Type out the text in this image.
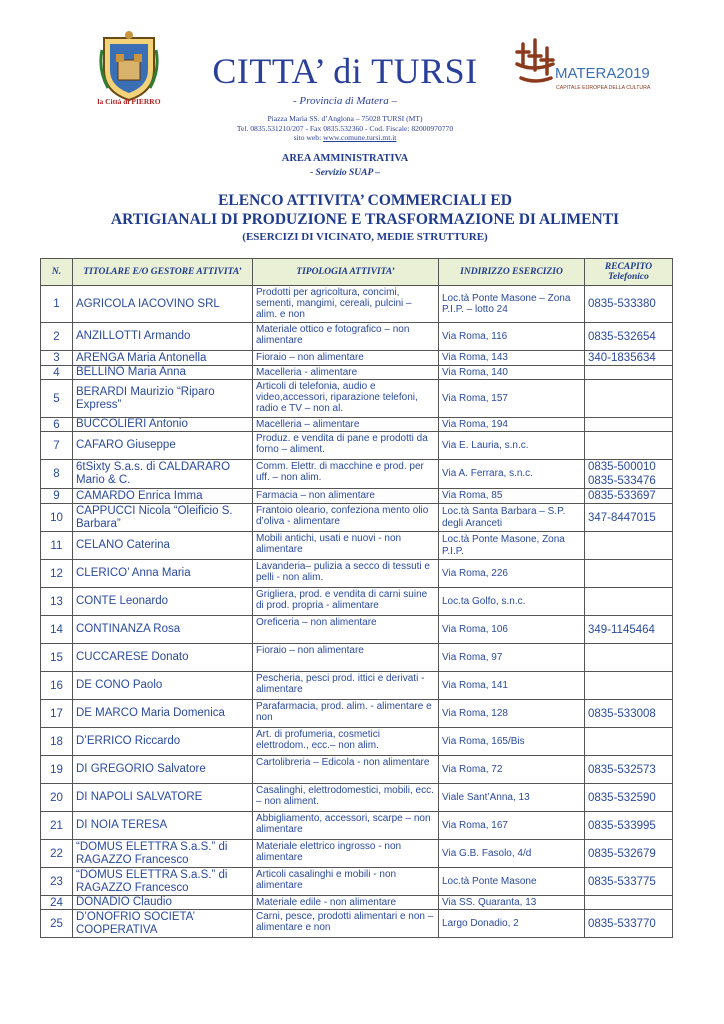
la Città di PIERRO
CITTA’ di TURSI
- Provincia di Matera –
Piazza Maria SS. d’Anglona – 75028 TURSI (MT)
Tel. 0835.531210/207 - Fax 0835.532360 - Cod. Fiscale: 82000970770
sito web: www.comune.tursi.mt.it
MATERA2019
CAPITALE EUROPEA DELLA CULTURA
AREA AMMINISTRATIVA
- Servizio SUAP –
ELENCO ATTIVITA’ COMMERCIALI ED
ARTIGIANALI DI PRODUZIONE E TRASFORMAZIONE DI ALIMENTI
(ESERCIZI DI VICINATO, MEDIE STRUTTURE)
N.	TITOLARE E/O GESTORE ATTIVITA’	TIPOLOGIA ATTIVITA’	INDIRIZZO ESERCIZIO	RECAPITO Telefonico
1	AGRICOLA IACOVINO SRL	Prodotti per agricoltura, concimi, sementi, mangimi, cereali, pulcini – alim. e non	Loc.tà Ponte Masone – Zona P.I.P. – lotto 24	0835-533380
2	ANZILLOTTI Armando	Materiale ottico e fotografico – non alimentare	Via Roma, 116	0835-532654
3	ARENGA Maria Antonella	Fioraio – non alimentare	Via Roma, 143	340-1835634
4	BELLINO Maria Anna	Macelleria - alimentare	Via Roma, 140	
5	BERARDI Maurizio “Riparo Express”	Articoli di telefonia, audio e video,accessori, riparazione telefoni, radio e TV – non al.	Via Roma, 157	
6	BUCCOLIERI Antonio	Macelleria – alimentare	Via Roma, 194	
7	CAFARO Giuseppe	Produz. e vendita di pane e prodotti da forno – aliment.	Via E. Lauria, s.n.c.	
8	6tSixty S.a.s. di CALDARARO Mario & C.	Comm. Elettr. di macchine e prod. per uff. – non alim.	Via A. Ferrara, s.n.c.	0835-500010 0835-533476
9	CAMARDO Enrica Imma	Farmacia – non alimentare	Via Roma, 85	0835-533697
10	CAPPUCCI Nicola “Oleificio S. Barbara”	Frantoio oleario, confeziona mento olio d’oliva - alimentare	Loc.tà Santa Barbara – S.P. degli Aranceti	347-8447015
11	CELANO Caterina	Mobili antichi, usati e nuovi - non alimentare	Loc.tà Ponte Masone, Zona P.I.P.	
12	CLERICO’ Anna Maria	Lavanderia– pulizia a secco di tessuti e pelli - non alim.	Via Roma, 226	
13	CONTE Leonardo	Grigliera, prod. e vendita di carni suine di prod. propria - alimentare	Loc.ta Golfo, s.n.c.	
14	CONTINANZA Rosa	Oreficeria – non alimentare	Via Roma, 106	349-1145464
15	CUCCARESE Donato	Fioraio – non alimentare	Via Roma, 97	
16	DE CONO Paolo	Pescheria, pesci prod. ittici e derivati - alimentare	Via Roma, 141	
17	DE MARCO Maria Domenica	Parafarmacia, prod. alim. - alimentare e non	Via Roma, 128	0835-533008
18	D’ERRICO Riccardo	Art. di profumeria, cosmetici elettrodom., ecc.– non alim.	Via Roma, 165/Bis	
19	DI GREGORIO Salvatore	Cartolibreria – Edicola - non alimentare	Via Roma, 72	0835-532573
20	DI NAPOLI SALVATORE	Casalinghi, elettrodomestici, mobili, ecc. – non aliment.	Viale Sant’Anna, 13	0835-532590
21	DI NOIA TERESA	Abbigliamento, accessori, scarpe – non alimentare	Via Roma, 167	0835-533995
22	“DOMUS ELETTRA S.a.S.” di RAGAZZO Francesco	Materiale elettrico ingrosso - non alimentare	Via G.B. Fasolo, 4/d	0835-532679
23	“DOMUS ELETTRA S.a.S.” di RAGAZZO Francesco	Articoli casalinghi e mobili - non alimentare	Loc.tà Ponte Masone	0835-533775
24	DONADIO Claudio	Materiale edile - non alimentare	Via SS. Quaranta, 13	
25	D’ONOFRIO SOCIETA’ COOPERATIVA	Carni, pesce, prodotti alimentari e non – alimentare e non	Largo Donadio, 2	0835-533770
